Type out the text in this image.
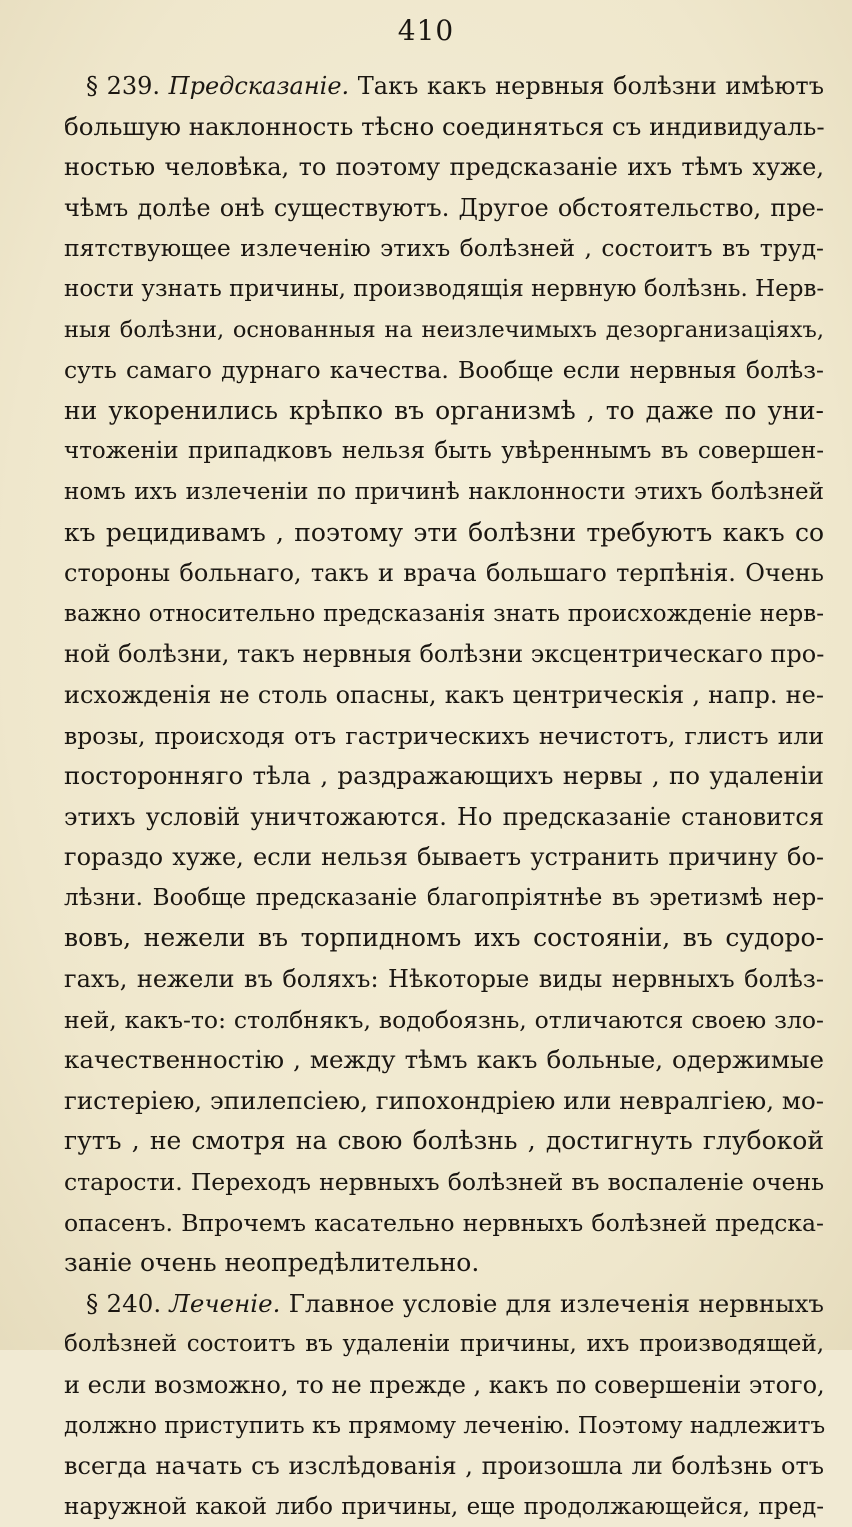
410
§ 239. Предсказаніе. Такъ какъ нервныя болѣзни имѣютъ
большую наклонность тѣсно соединяться съ индивидуаль-
ностью человѣка, то поэтому предсказаніе ихъ тѣмъ хуже,
чѣмъ долѣе онѣ существуютъ. Другое обстоятельство, пре-
пятствующее излеченію этихъ болѣзней , состоитъ въ труд-
ности узнать причины, производящія нервную болѣзнь. Нерв-
ныя болѣзни, основанныя на неизлечимыхъ дезорганизаціяхъ,
суть самаго дурнаго качества. Вообще если нервныя болѣз-
ни укоренились крѣпко въ организмѣ , то даже по уни-
чтоженіи припадковъ нельзя быть увѣреннымъ въ совершен-
номъ ихъ излеченіи по причинѣ наклонности этихъ болѣзней
къ рецидивамъ , поэтому эти болѣзни требуютъ какъ со
стороны больнаго, такъ и врача большаго терпѣнія. Очень
важно относительно предсказанія знать происхожденіе нерв-
ной болѣзни, такъ нервныя болѣзни эксцентрическаго про-
исхожденія не столь опасны, какъ центрическія , напр. не-
врозы, происходя отъ гастрическихъ нечистотъ, глистъ или
посторонняго тѣла , раздражающихъ нервы , по удаленіи
этихъ условій уничтожаются. Но предсказаніе становится
гораздо хуже, если нельзя бываетъ устранить причину бо-
лѣзни. Вообще предсказаніе благопріятнѣе въ эретизмѣ нер-
вовъ, нежели въ торпидномъ ихъ состояніи, въ судоро-
гахъ, нежели въ боляхъ: Нѣкоторые виды нервныхъ болѣз-
ней, какъ-то: столбнякъ, водобоязнь, отличаются своею зло-
качественностію , между тѣмъ какъ больные, одержимые
гистеріею, эпилепсіею, гипохондріею или невралгіею, мо-
гутъ , не смотря на свою болѣзнь , достигнуть глубокой
старости. Переходъ нервныхъ болѣзней въ воспаленіе очень
опасенъ. Впрочемъ касательно нервныхъ болѣзней предска-
заніе очень неопредѣлительно.
§ 240. Леченіе. Главное условіе для излеченія нервныхъ
болѣзней состоитъ въ удаленіи причины, ихъ производящей,
и если возможно, то не прежде , какъ по совершеніи этого,
должно приступить къ прямому леченію. Поэтому надлежитъ
всегда начать съ изслѣдованія , произошла ли болѣзнь отъ
наружной какой либо причины, еще продолжающейся, пред-
